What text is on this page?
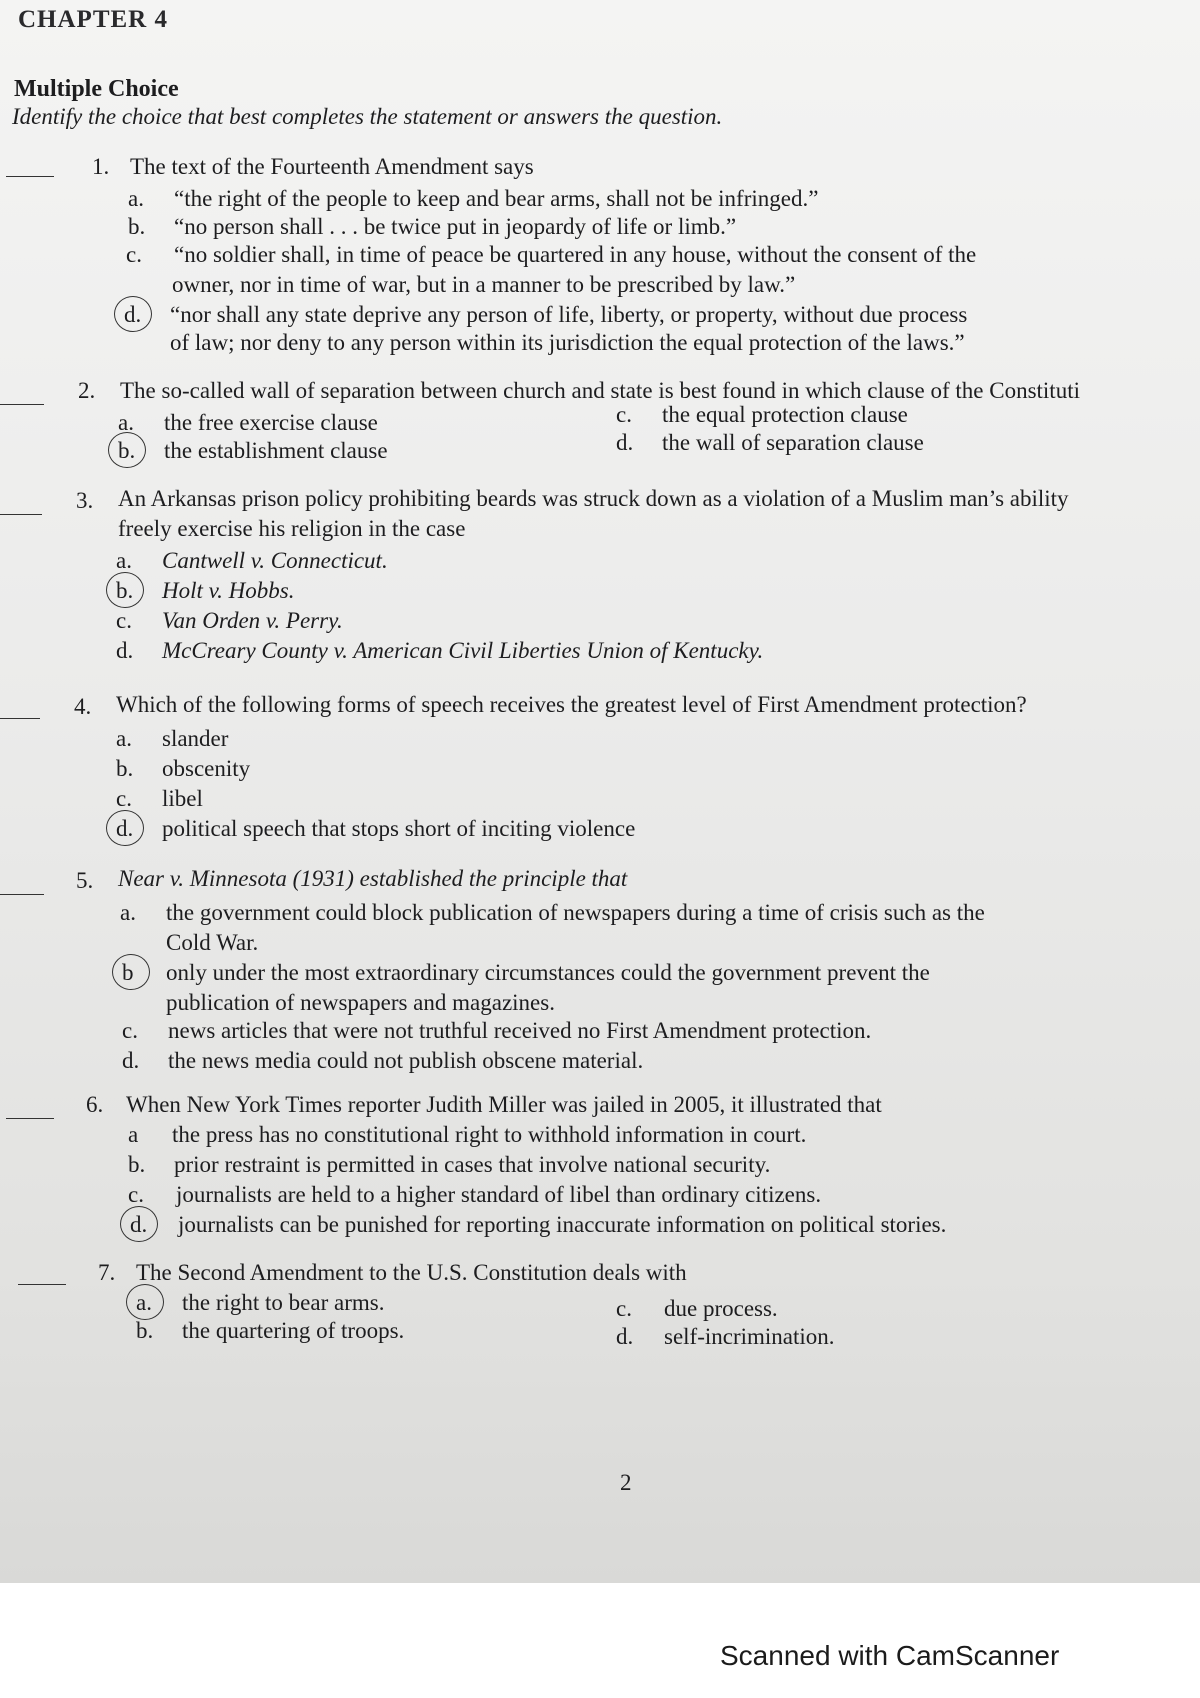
CHAPTER 4
Multiple Choice
Identify the choice that best completes the statement or answers the question.
1. The text of the Fourteenth Amendment says
a. “the right of the people to keep and bear arms, shall not be infringed.”
b. “no person shall . . . be twice put in jeopardy of life or limb.”
c. “no soldier shall, in time of peace be quartered in any house, without the consent of the
owner, nor in time of war, but in a manner to be prescribed by law.”
d. “nor shall any state deprive any person of life, liberty, or property, without due process
of law; nor deny to any person within its jurisdiction the equal protection of the laws.”
2. The so-called wall of separation between church and state is best found in which clause of the Constituti
a. the free exercise clause
b. the establishment clause
c. the equal protection clause
d. the wall of separation clause
3. An Arkansas prison policy prohibiting beards was struck down as a violation of a Muslim man’s ability
freely exercise his religion in the case
a. Cantwell v. Connecticut.
b. Holt v. Hobbs.
c. Van Orden v. Perry.
d. McCreary County v. American Civil Liberties Union of Kentucky.
4. Which of the following forms of speech receives the greatest level of First Amendment protection?
a. slander
b. obscenity
c. libel
d. political speech that stops short of inciting violence
5. Near v. Minnesota (1931) established the principle that
a. the government could block publication of newspapers during a time of crisis such as the
Cold War.
b only under the most extraordinary circumstances could the government prevent the
publication of newspapers and magazines.
c. news articles that were not truthful received no First Amendment protection.
d. the news media could not publish obscene material.
6. When New York Times reporter Judith Miller was jailed in 2005, it illustrated that
a the press has no constitutional right to withhold information in court.
b. prior restraint is permitted in cases that involve national security.
c. journalists are held to a higher standard of libel than ordinary citizens.
d. journalists can be punished for reporting inaccurate information on political stories.
7. The Second Amendment to the U.S. Constitution deals with
a. the right to bear arms.
b. the quartering of troops.
c. due process.
d. self-incrimination.
2
Scanned with CamScanner
